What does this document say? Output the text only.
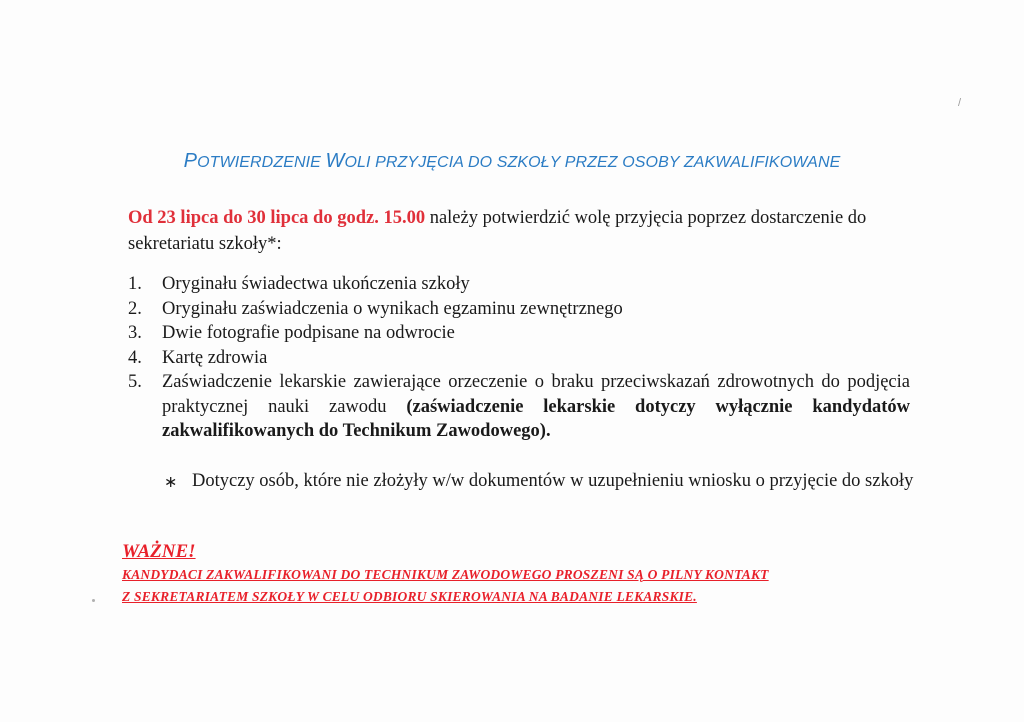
POTWIERDZENIE WOLI PRZYJĘCIA DO SZKOŁY PRZEZ OSOBY ZAKWALIFIKOWANE
Od 23 lipca do 30 lipca do godz. 15.00 należy potwierdzić wolę przyjęcia poprzez dostarczenie do sekretariatu szkoły*:
1. Oryginału świadectwa ukończenia szkoły
2. Oryginału zaświadczenia o wynikach egzaminu zewnętrznego
3. Dwie fotografie podpisane na odwrocie
4. Kartę zdrowia
5. Zaświadczenie lekarskie zawierające orzeczenie o braku przeciwskazań zdrowotnych do podjęcia praktycznej nauki zawodu (zaświadczenie lekarskie dotyczy wyłącznie kandydatów zakwalifikowanych do Technikum Zawodowego).
∗ Dotyczy osób, które nie złożyły w/w dokumentów w uzupełnieniu wniosku o przyjęcie do szkoły
WAŻNE!
KANDYDACI ZAKWALIFIKOWANI DO TECHNIKUM ZAWODOWEGO PROSZENI SĄ O PILNY KONTAKT
Z SEKRETARIATEM SZKOŁY W CELU ODBIORU SKIEROWANIA NA BADANIE LEKARSKIE.
/
